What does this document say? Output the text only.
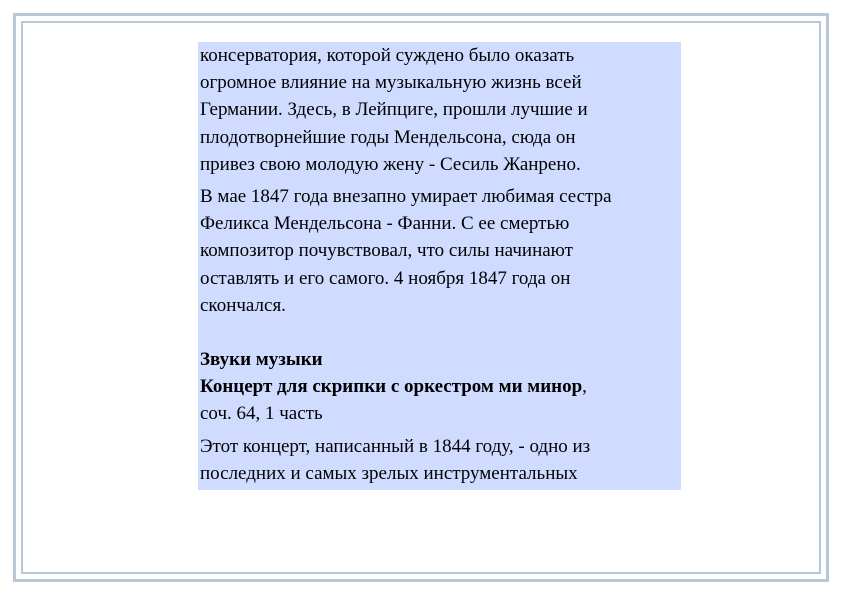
консерватория, которой суждено было оказать
огромное влияние на музыкальную жизнь всей
Германии. Здесь, в Лейпциге, прошли лучшие и
плодотворнейшие годы Мендельсона, сюда он
привез свою молодую жену - Сесиль Жанрено.

В мае 1847 года внезапно умирает любимая сестра
Феликса Мендельсона - Фанни. С ее смертью
композитор почувствовал, что силы начинают
оставлять и его самого. 4 ноября 1847 года он
скончался.

Звуки музыки

Концерт для скрипки с оркестром ми минор,
соч. 64, 1 часть

Этот концерт, написанный в 1844 году, - одно из
последних и самых зрелых инструментальных
